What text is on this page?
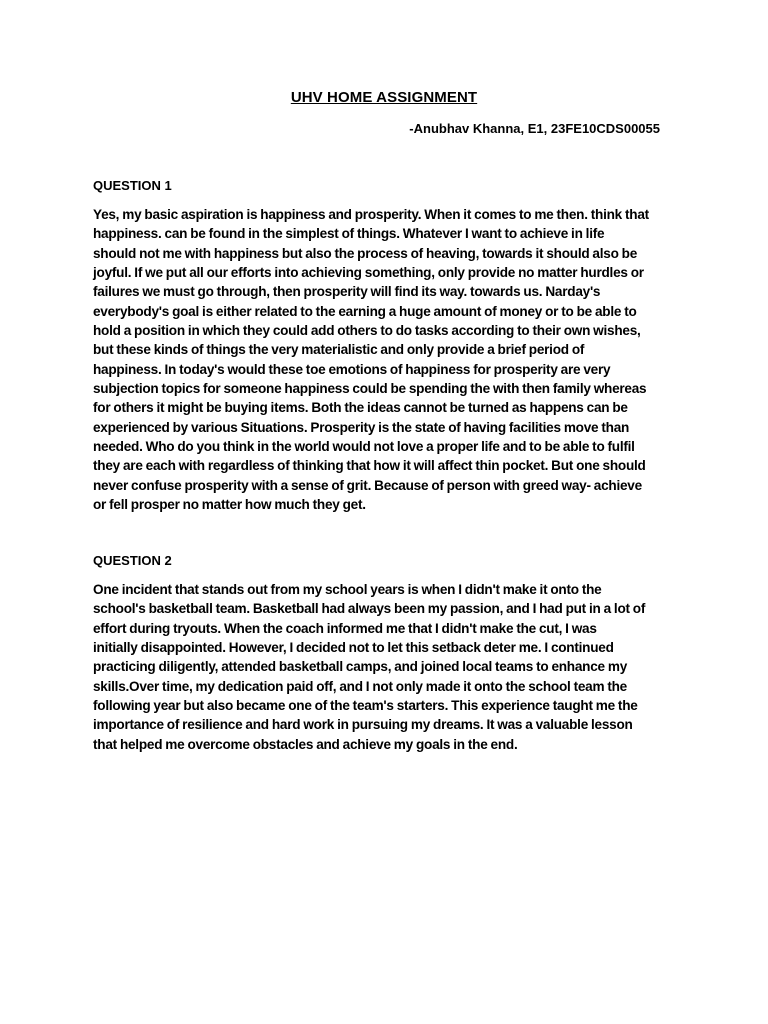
UHV HOME ASSIGNMENT
-Anubhav Khanna, E1, 23FE10CDS00055
QUESTION 1
Yes, my basic aspiration is happiness and prosperity. When it comes to me then. think that
happiness. can be found in the simplest of things. Whatever I want to achieve in life
should not me with happiness but also the process of heaving, towards it should also be
joyful. If we put all our efforts into achieving something, only provide no matter hurdles or
failures we must go through, then prosperity will find its way. towards us. Narday's
everybody's goal is either related to the earning a huge amount of money or to be able to
hold a position in which they could add others to do tasks according to their own wishes,
but these kinds of things the very materialistic and only provide a brief period of
happiness. In today's would these toe emotions of happiness for prosperity are very
subjection topics for someone happiness could be spending the with then family whereas
for others it might be buying items. Both the ideas cannot be turned as happens can be
experienced by various Situations. Prosperity is the state of having facilities move than
needed. Who do you think in the world would not love a proper life and to be able to fulfil
they are each with regardless of thinking that how it will affect thin pocket. But one should
never confuse prosperity with a sense of grit. Because of person with greed way- achieve
or fell prosper no matter how much they get.
QUESTION 2
One incident that stands out from my school years is when I didn't make it onto the
school's basketball team. Basketball had always been my passion, and I had put in a lot of
effort during tryouts. When the coach informed me that I didn't make the cut, I was
initially disappointed. However, I decided not to let this setback deter me. I continued
practicing diligently, attended basketball camps, and joined local teams to enhance my
skills.Over time, my dedication paid off, and I not only made it onto the school team the
following year but also became one of the team's starters. This experience taught me the
importance of resilience and hard work in pursuing my dreams. It was a valuable lesson
that helped me overcome obstacles and achieve my goals in the end.
